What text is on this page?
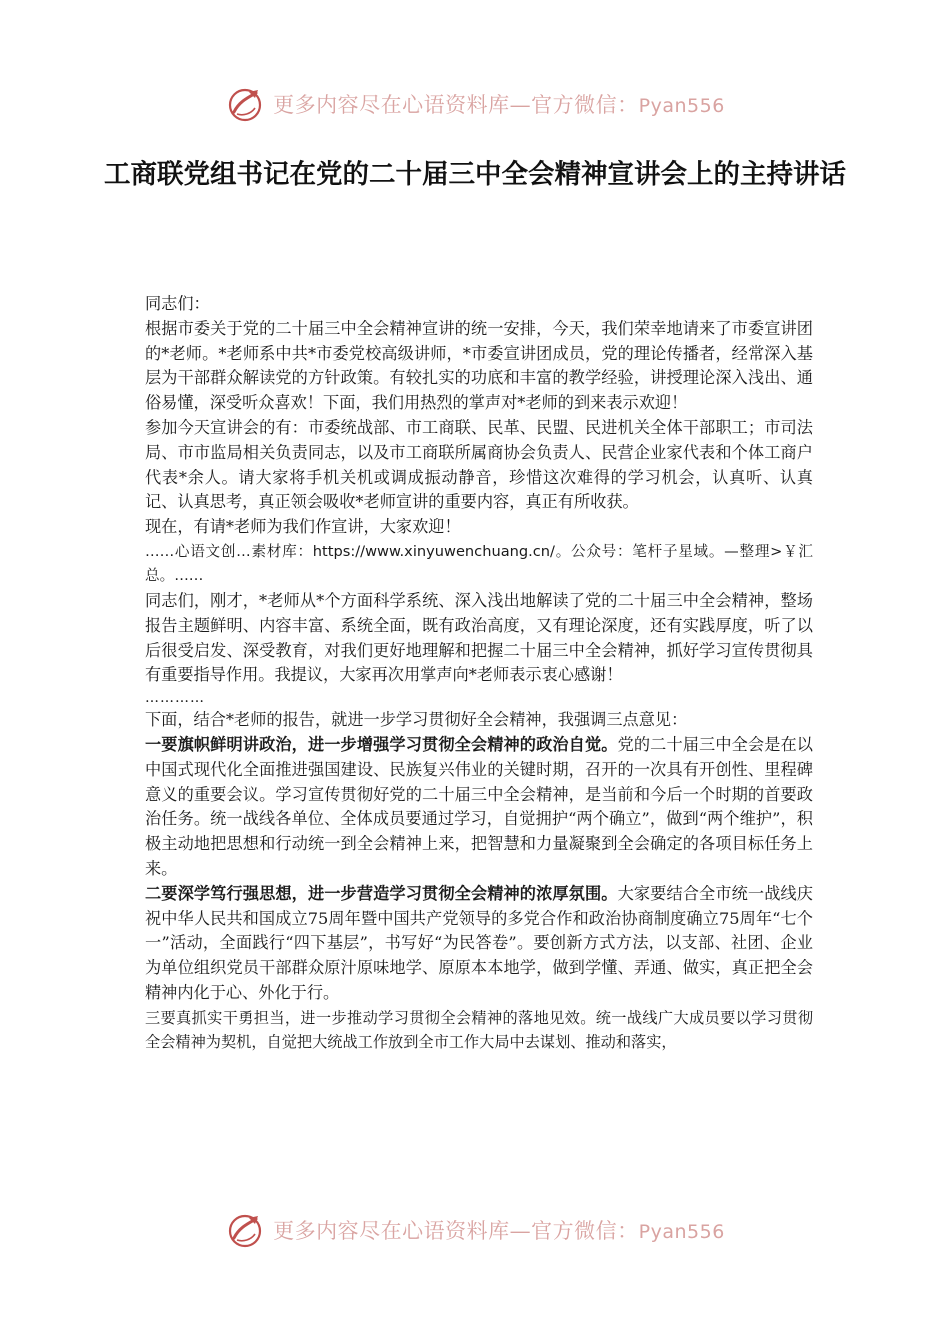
更多内容尽在心语资料库—官方微信：Pyan556
工商联党组书记在党的二十届三中全会精神宣讲会上的主持讲话

同志们：

根据市委关于党的二十届三中全会精神宣讲的统一安排，今天，我们荣幸地请来了市委宣讲团的*老师。*老师系中共*市委党校高级讲师，*市委宣讲团成员，党的理论传播者，经常深入基层为干部群众解读党的方针政策。有较扎实的功底和丰富的教学经验，讲授理论深入浅出、通俗易懂，深受听众喜欢！下面，我们用热烈的掌声对*老师的到来表示欢迎！

参加今天宣讲会的有：市委统战部、市工商联、民革、民盟、民进机关全体干部职工；市司法局、市市监局相关负责同志，以及市工商联所属商协会负责人、民营企业家代表和个体工商户代表*余人。请大家将手机关机或调成振动静音，珍惜这次难得的学习机会，认真听、认真记、认真思考，真正领会吸收*老师宣讲的重要内容，真正有所收获。

现在，有请*老师为我们作宣讲，大家欢迎！

……心语文创…素材库：https://www.xinyuwenchuang.cn/。公众号：笔杆子星域。—整理>￥汇总。……

同志们，刚才，*老师从*个方面科学系统、深入浅出地解读了党的二十届三中全会精神，整场报告主题鲜明、内容丰富、系统全面，既有政治高度，又有理论深度，还有实践厚度，听了以后很受启发、深受教育，对我们更好地理解和把握二十届三中全会精神，抓好学习宣传贯彻具有重要指导作用。我提议，大家再次用掌声向*老师表示衷心感谢！

…………

下面，结合*老师的报告，就进一步学习贯彻好全会精神，我强调三点意见：

一要旗帜鲜明讲政治，进一步增强学习贯彻全会精神的政治自觉。党的二十届三中全会是在以中国式现代化全面推进强国建设、民族复兴伟业的关键时期，召开的一次具有开创性、里程碑意义的重要会议。学习宣传贯彻好党的二十届三中全会精神，是当前和今后一个时期的首要政治任务。统一战线各单位、全体成员要通过学习，自觉拥护“两个确立”，做到“两个维护”，积极主动地把思想和行动统一到全会精神上来，把智慧和力量凝聚到全会确定的各项目标任务上来。

二要深学笃行强思想，进一步营造学习贯彻全会精神的浓厚氛围。大家要结合全市统一战线庆祝中华人民共和国成立75周年暨中国共产党领导的多党合作和政治协商制度确立75周年“七个一”活动，全面践行“四下基层”，书写好“为民答卷”。要创新方式方法，以支部、社团、企业为单位组织党员干部群众原汁原味地学、原原本本地学，做到学懂、弄通、做实，真正把全会精神内化于心、外化于行。

三要真抓实干勇担当，进一步推动学习贯彻全会精神的落地见效。统一战线广大成员要以学习贯彻全会精神为契机，自觉把大统战工作放到全市工作大局中去谋划、推动和落实，

更多内容尽在心语资料库—官方微信：Pyan556
